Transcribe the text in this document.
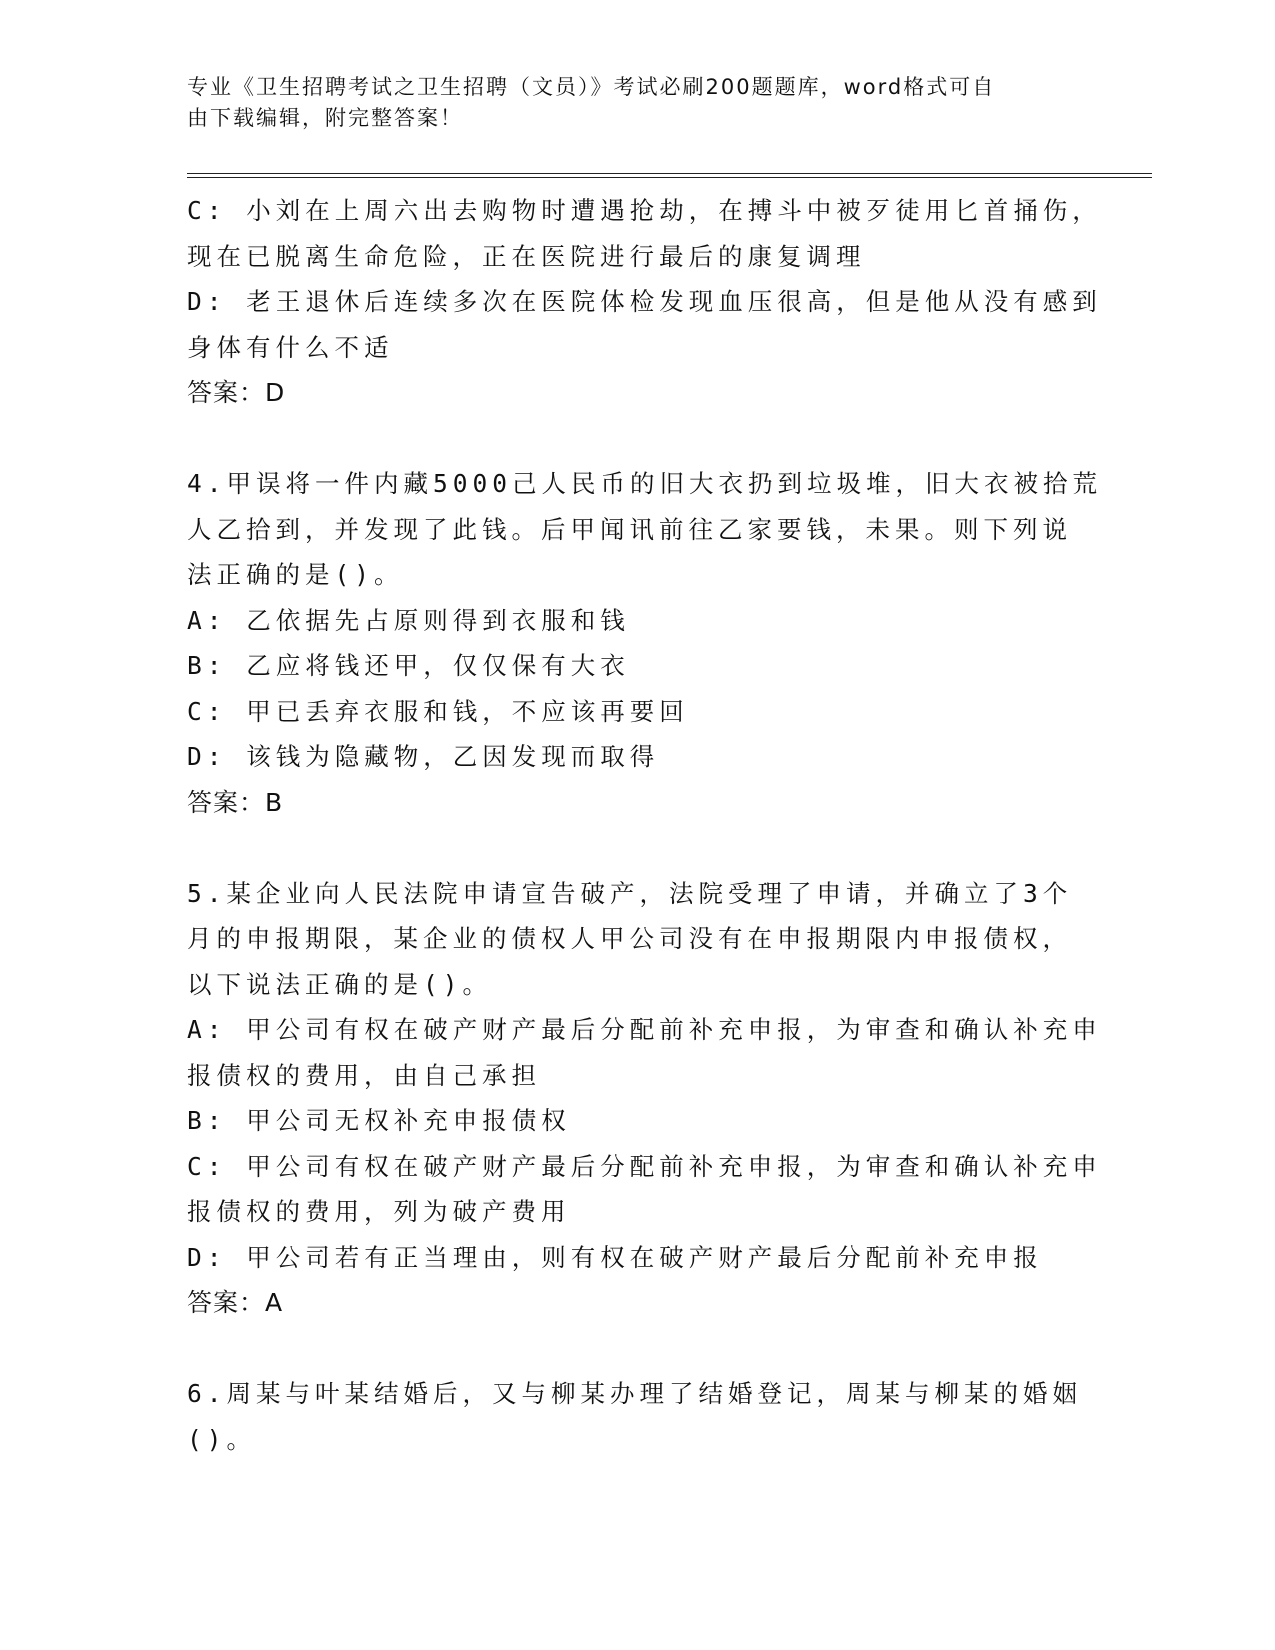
专业《卫生招聘考试之卫生招聘（文员）》考试必刷200题题库，word格式可自
由下载编辑，附完整答案！
C: 小刘在上周六出去购物时遭遇抢劫，在搏斗中被歹徒用匕首捅伤，
现在已脱离生命危险，正在医院进行最后的康复调理
D: 老王退休后连续多次在医院体检发现血压很高，但是他从没有感到
身体有什么不适
答案：D
4.甲误将一件内藏5000己人民币的旧大衣扔到垃圾堆，旧大衣被拾荒
人乙拾到，并发现了此钱。后甲闻讯前往乙家要钱，未果。则下列说
法正确的是()。
A: 乙依据先占原则得到衣服和钱
B: 乙应将钱还甲，仅仅保有大衣
C: 甲已丢弃衣服和钱，不应该再要回
D: 该钱为隐藏物，乙因发现而取得
答案：B
5.某企业向人民法院申请宣告破产，法院受理了申请，并确立了3个
月的申报期限，某企业的债权人甲公司没有在申报期限内申报债权，
以下说法正确的是()。
A: 甲公司有权在破产财产最后分配前补充申报，为审查和确认补充申
报债权的费用，由自己承担
B: 甲公司无权补充申报债权
C: 甲公司有权在破产财产最后分配前补充申报，为审查和确认补充申
报债权的费用，列为破产费用
D: 甲公司若有正当理由，则有权在破产财产最后分配前补充申报
答案：A
6.周某与叶某结婚后，又与柳某办理了结婚登记，周某与柳某的婚姻
()。
